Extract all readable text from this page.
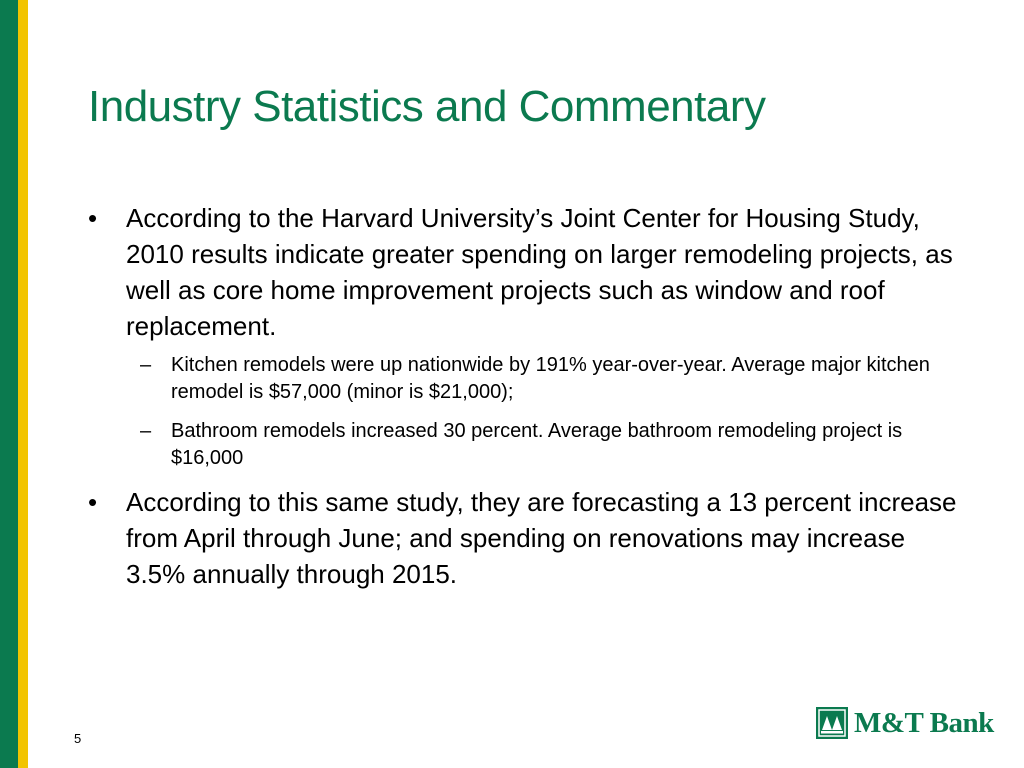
Industry Statistics and Commentary
• According to the Harvard University’s Joint Center for Housing Study, 2010 results indicate greater spending on larger remodeling projects, as well as core home improvement projects such as window and roof replacement.
– Kitchen remodels were up nationwide by 191% year-over-year. Average major kitchen remodel is $57,000 (minor is $21,000);
– Bathroom remodels increased 30 percent. Average bathroom remodeling project is $16,000
• According to this same study, they are forecasting a 13 percent increase from April through June; and spending on renovations may increase 3.5% annually through 2015.
5	M&T Bank
